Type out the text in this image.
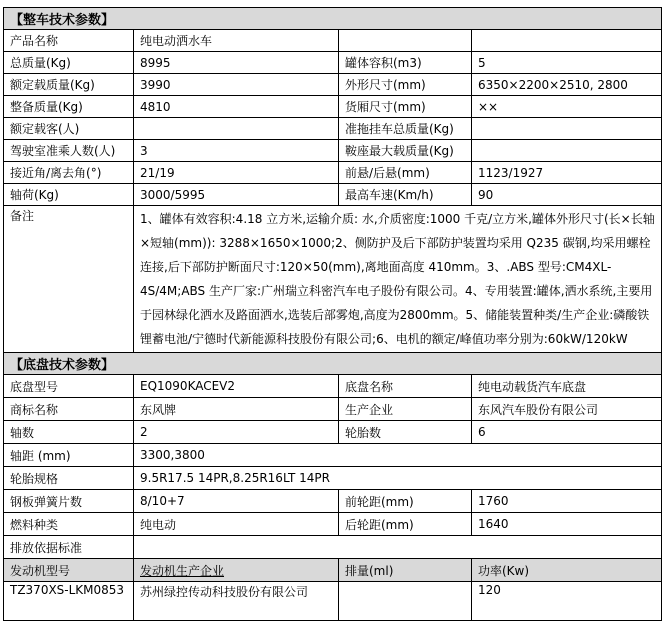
【整车技术参数】			
产品名称	纯电动洒水车		
总质量(Kg)	8995	罐体容积(m3)	5
额定载质量(Kg)	3990	外形尺寸(mm)	6350×2200×2510, 2800
整备质量(Kg)	4810	货厢尺寸(mm)	××
额定载客(人)		准拖挂车总质量(Kg)	
驾驶室准乘人数(人)	3	鞍座最大载质量(Kg)	
接近角/离去角(°)	21/19	前悬/后悬(mm)	1123/1927
轴荷(Kg)	3000/5995	最高车速(Km/h)	90
备注	1、罐体有效容积:4.18 立方米,运输介质: 水,介质密度:1000 千克/立方米,罐体外形尺寸(长×长轴×短轴(mm)): 3288×1650×1000;2、侧防护及后下部防护装置均采用 Q235 碳钢,均采用螺栓连接,后下部防护断面尺寸:120×50(mm),离地面高度 410mm。3、.ABS 型号:CM4XL-4S/4M;ABS 生产厂家:广州瑞立科密汽车电子股份有限公司。4、专用装置:罐体,洒水系统,主要用于园林绿化洒水及路面洒水,选装后部雾炮,高度为2800mm。5、储能装置种类/生产企业:磷酸铁锂蓄电池/宁德时代新能源科技股份有限公司;6、电机的额定/峰值功率分别为:60kW/120kW		
【底盘技术参数】			
底盘型号	EQ1090KACEV2	底盘名称	纯电动载货汽车底盘
商标名称	东风牌	生产企业	东风汽车股份有限公司
轴数	2	轮胎数	6
轴距 (mm)	3300,3800		
轮胎规格	9.5R17.5 14PR,8.25R16LT 14PR		
钢板弹簧片数	8/10+7	前轮距(mm)	1760
燃料种类	纯电动	后轮距(mm)	1640
排放依据标准			
发动机型号	发动机生产企业	排量(ml)	功率(Kw)
TZ370XS-LKM0853	苏州绿控传动科技股份有限公司		120
